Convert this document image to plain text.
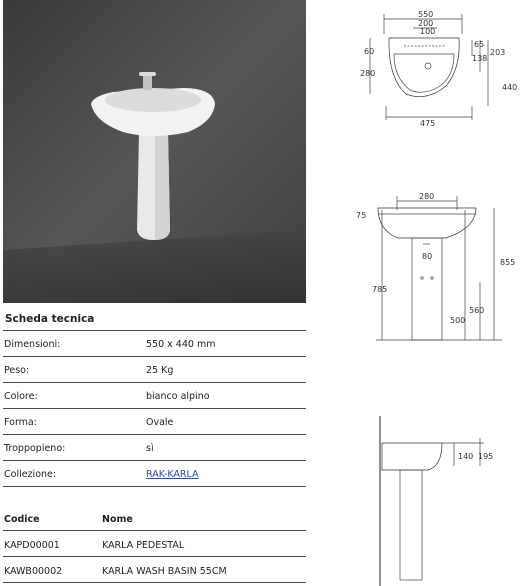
Scheda tecnica
Dimensioni:	550 x 440 mm
Peso:	25 Kg
Colore:	bianco alpino
Forma:	Ovale
Troppopieno:	sì
Collezione:	RAK-KARLA
Codice	Nome
KAPD00001	KARLA PEDESTAL
KAWB00002	KARLA WASH BASIN 55CM
550
200
100
60
65
203
138
280
440
475
280
75
80
855
785
560
500
140 195
